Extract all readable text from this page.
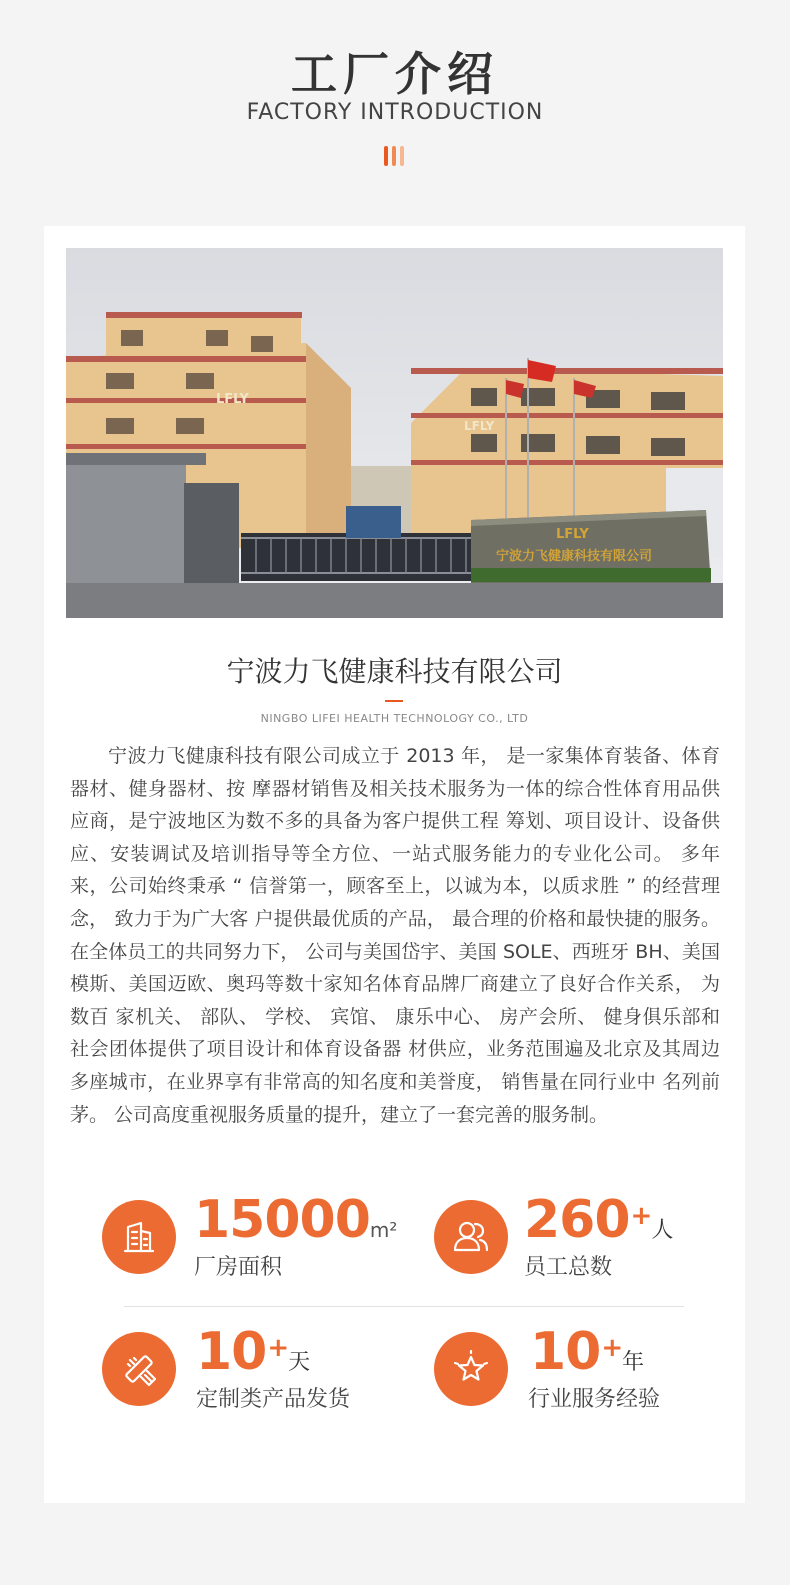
工厂介绍
FACTORY INTRODUCTION
LFLY
LFLY
LFLY
宁波力飞健康科技有限公司
宁波力飞健康科技有限公司
NINGBO LIFEI HEALTH TECHNOLOGY CO., LTD

宁波力飞健康科技有限公司成立于 2013 年， 是一家集体育装备、体育器材、健身器材、按 摩器材销售及相关技术服务为一体的综合性体育用品供应商，是宁波地区为数不多的具备为客户提供工程 筹划、项目设计、设备供应、安装调试及培训指导等全方位、一站式服务能力的专业化公司。 多年来，公司始终秉承 “ 信誉第一，顾客至上，以诚为本，以质求胜 ” 的经营理念， 致力于为广大客 户提供最优质的产品， 最合理的价格和最快捷的服务。在全体员工的共同努力下， 公司与美国岱宇、美国 SOLE、西班牙 BH、美国模斯、美国迈欧、奥玛等数十家知名体育品牌厂商建立了良好合作关系， 为数百 家机关、 部队、 学校、 宾馆、 康乐中心、 房产会所、 健身俱乐部和社会团体提供了项目设计和体育设备器 材供应，业务范围遍及北京及其周边多座城市，在业界享有非常高的知名度和美誉度， 销售量在同行业中 名列前茅。 公司高度重视服务质量的提升，建立了一套完善的服务制。

15000m²
厂房面积
260+人
员工总数
10+天
定制类产品发货
10+年
行业服务经验
